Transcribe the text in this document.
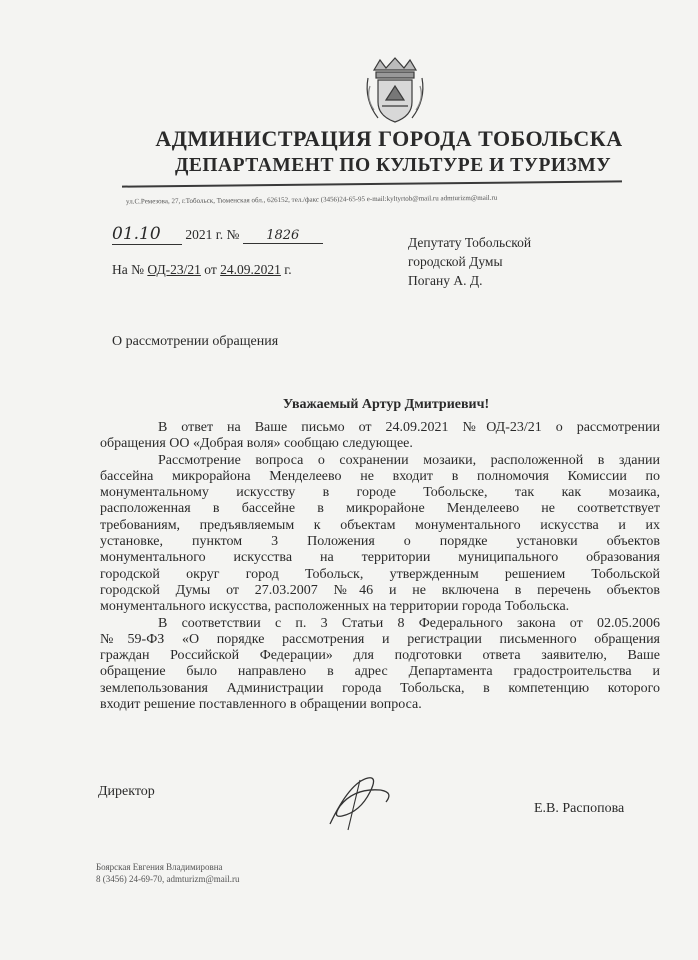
АДМИНИСТРАЦИЯ ГОРОДА ТОБОЛЬСКА
ДЕПАРТАМЕНТ ПО КУЛЬТУРЕ И ТУРИЗМУ
ул.С.Ремезова, 27, г.Тобольск, Тюменская обл., 626152, тел./факс (3456)24-65-95 e-mail:kyltyrtob@mail.ru admturizm@mail.ru
01.10 2021 г. № 1826
На № ОД-23/21 от 24.09.2021 г.
Депутату Тобольской
городской Думы
Погану А. Д.
О рассмотрении обращения
Уважаемый Артур Дмитриевич!
В ответ на Ваше письмо от 24.09.2021 №ОД-23/21 о рассмотрении
обращения ОО «Добрая воля» сообщаю следующее.
Рассмотрение вопроса о сохранении мозаики, расположенной в здании
бассейна микрорайона Менделеево не входит в полномочия Комиссии по
монументальному искусству в городе Тобольске, так как мозаика,
расположенная в бассейне в микрорайоне Менделеево не соответствует
требованиям, предъявляемым к объектам монументального искусства и их
установке, пунктом 3 Положения о порядке установки объектов
монументального искусства на территории муниципального образования
городской округ город Тобольск, утвержденным решением Тобольской
городской Думы от 27.03.2007 №46 и не включена в перечень объектов
монументального искусства, расположенных на территории города Тобольска.
В соответствии с п. 3 Статьи 8 Федерального закона от 02.05.2006
№59-ФЗ «О порядке рассмотрения и регистрации письменного обращения
граждан Российской Федерации» для подготовки ответа заявителю, Ваше
обращение было направлено в адрес Департамента градостроительства и
землепользования Администрации города Тобольска, в компетенцию которого
входит решение поставленного в обращении вопроса.
Директор
Е.В. Распопова
Боярская Евгения Владимировна
8 (3456) 24-69-70, admturizm@mail.ru
